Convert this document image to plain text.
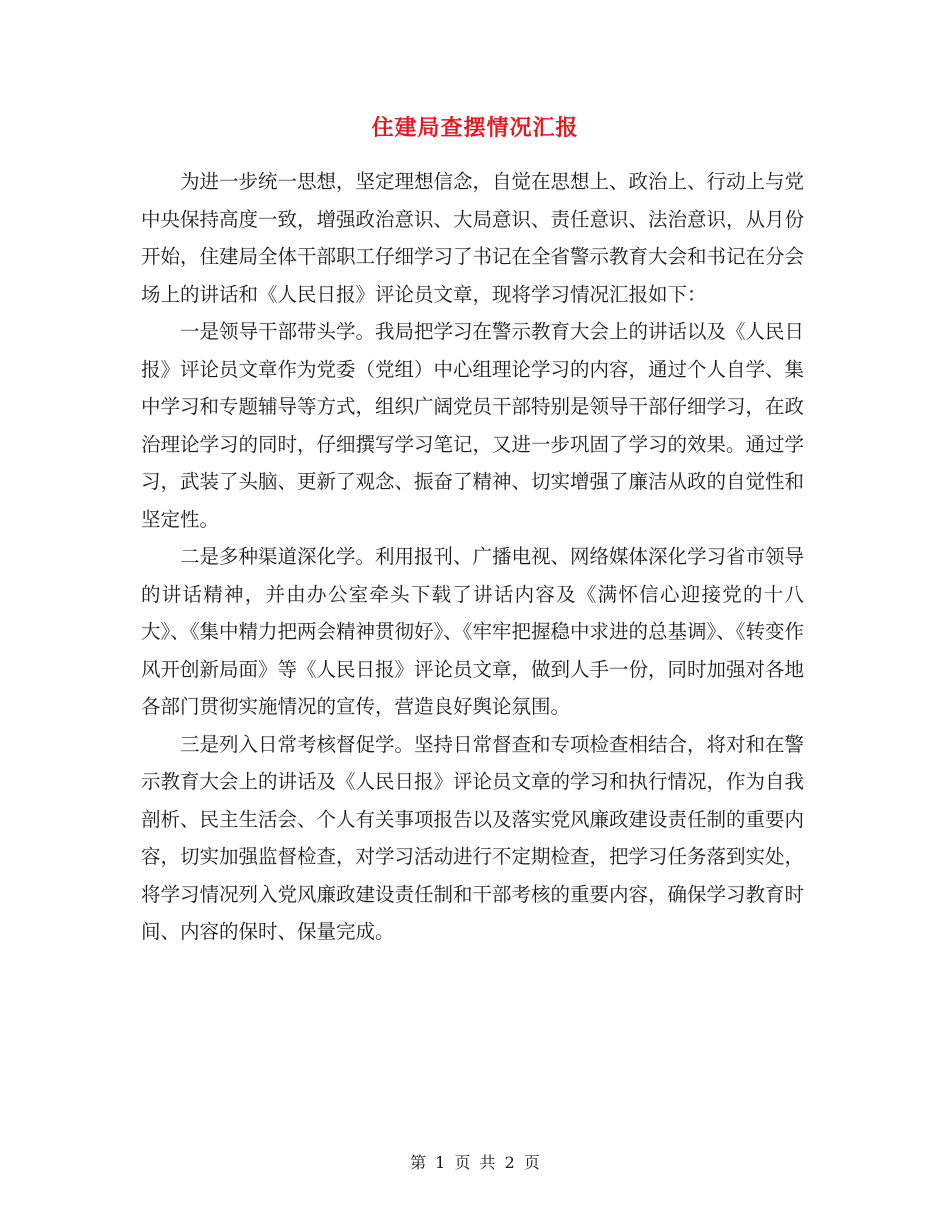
住建局查摆情况汇报

为进一步统一思想，坚定理想信念，自觉在思想上、政治上、行动上与党中央保持高度一致，增强政治意识、大局意识、责任意识、法治意识，从月份开始，住建局全体干部职工仔细学习了书记在全省警示教育大会和书记在分会场上的讲话和《人民日报》评论员文章，现将学习情况汇报如下：

一是领导干部带头学。我局把学习在警示教育大会上的讲话以及《人民日报》评论员文章作为党委（党组）中心组理论学习的内容，通过个人自学、集中学习和专题辅导等方式，组织广阔党员干部特别是领导干部仔细学习，在政治理论学习的同时，仔细撰写学习笔记，又进一步巩固了学习的效果。通过学习，武装了头脑、更新了观念、振奋了精神、切实增强了廉洁从政的自觉性和坚定性。

二是多种渠道深化学。利用报刊、广播电视、网络媒体深化学习省市领导的讲话精神，并由办公室牵头下载了讲话内容及《满怀信心迎接党的十八大》、《集中精力把两会精神贯彻好》、《牢牢把握稳中求进的总基调》、《转变作风开创新局面》等《人民日报》评论员文章，做到人手一份，同时加强对各地各部门贯彻实施情况的宣传，营造良好舆论氛围。

三是列入日常考核督促学。坚持日常督查和专项检查相结合，将对和在警示教育大会上的讲话及《人民日报》评论员文章的学习和执行情况，作为自我剖析、民主生活会、个人有关事项报告以及落实党风廉政建设责任制的重要内容，切实加强监督检查，对学习活动进行不定期检查，把学习任务落到实处，将学习情况列入党风廉政建设责任制和干部考核的重要内容，确保学习教育时间、内容的保时、保量完成。

第 1 页 共 2 页
